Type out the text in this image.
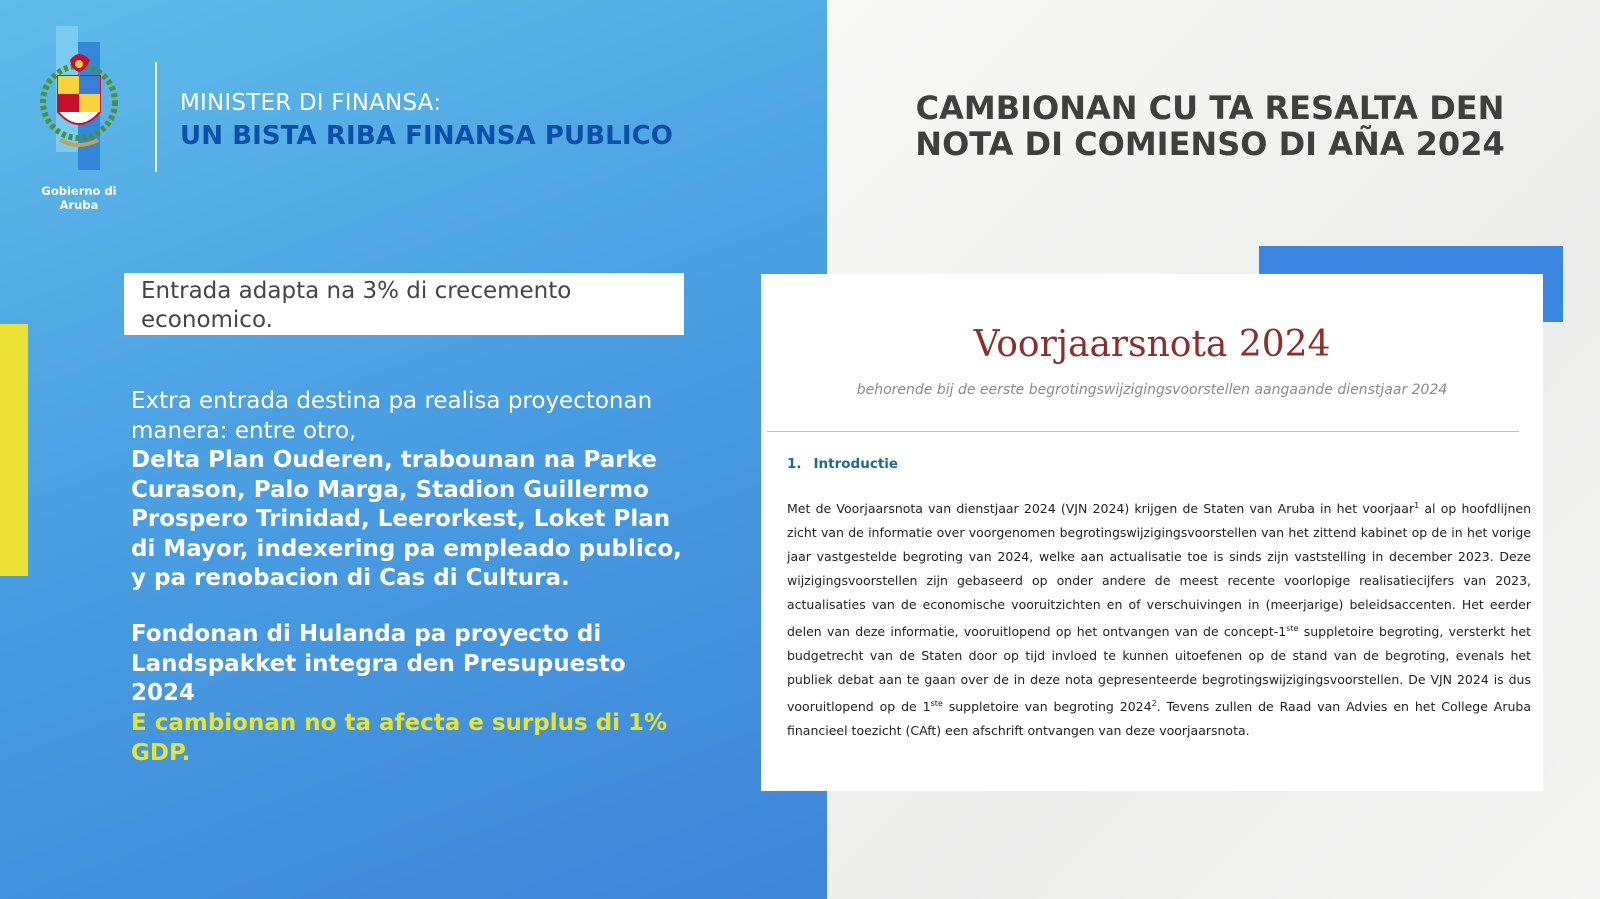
Gobierno di Aruba
MINISTER DI FINANSA:
UN BISTA RIBA FINANSA PUBLICO
Entrada adapta na 3% di crecemento economico.
Extra entrada destina pa realisa proyectonan manera: entre otro,
Delta Plan Ouderen, trabounan na Parke Curason, Palo Marga, Stadion Guillermo Prospero Trinidad, Leerorkest, Loket Plan di Mayor, indexering pa empleado publico, y pa renobacion di Cas di Cultura.
Fondonan di Hulanda pa proyecto di Landspakket integra den Presupuesto 2024
E cambionan no ta afecta e surplus di 1% GDP.
CAMBIONAN CU TA RESALTA DEN NOTA DI COMIENSO DI AÑA 2024
Voorjaarsnota 2024
behorende bij de eerste begrotingswijzigingsvoorstellen aangaande dienstjaar 2024
1. Introductie
Met de Voorjaarsnota van dienstjaar 2024 (VJN 2024) krijgen de Staten van Aruba in het voorjaar$^1$ al op hoofdlijnen zicht van de informatie over voorgenomen begrotingswijzigingsvoorstellen van het zittend kabinet op de in het vorige jaar vastgestelde begroting van 2024, welke aan actualisatie toe is sinds zijn vaststelling in december 2023. Deze wijzigingsvoorstellen zijn gebaseerd op onder andere de meest recente voorlopige realisatiecijfers van 2023, actualisaties van de economische vooruitzichten en of verschuivingen in (meerjarige) beleidsaccenten. Het eerder delen van deze informatie, vooruitlopend op het ontvangen van de concept-1ste suppletoire begroting, versterkt het budgetrecht van de Staten door op tijd invloed te kunnen uitoefenen op de stand van de begroting, evenals het publiek debat aan te gaan over de in deze nota gepresenteerde begrotingswijzigingsvoorstellen. De VJN 2024 is dus vooruitlopend op de 1ste suppletoire van begroting 2024$^2$. Tevens zullen de Raad van Advies en het College Aruba financieel toezicht (CAft) een afschrift ontvangen van deze voorjaarsnota.
